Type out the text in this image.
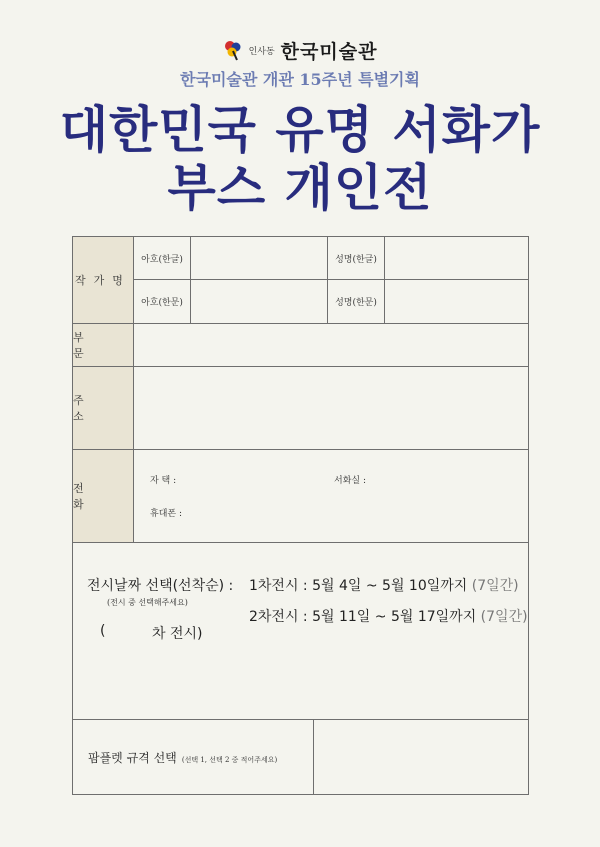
인사동 한국미술관
한국미술관 개관 15주년 특별기획
대한민국 유명 서화가
부스 개인전
작가명
아호(한글)	성명(한글)
아호(한문)	성명(한문)
부 문
주 소
전 화
자 택 :	서화실 :
휴대폰 :
전시날짜 선택(선착순) :
(전시 중 선택해주세요)
(	차 전시)
1차전시 : 5월 4일 ~ 5월 10일까지 (7일간)
2차전시 : 5월 11일 ~ 5월 17일까지 (7일간)
팜플렛 규격 선택 (선택 1, 선택 2 중 적어주세요)
